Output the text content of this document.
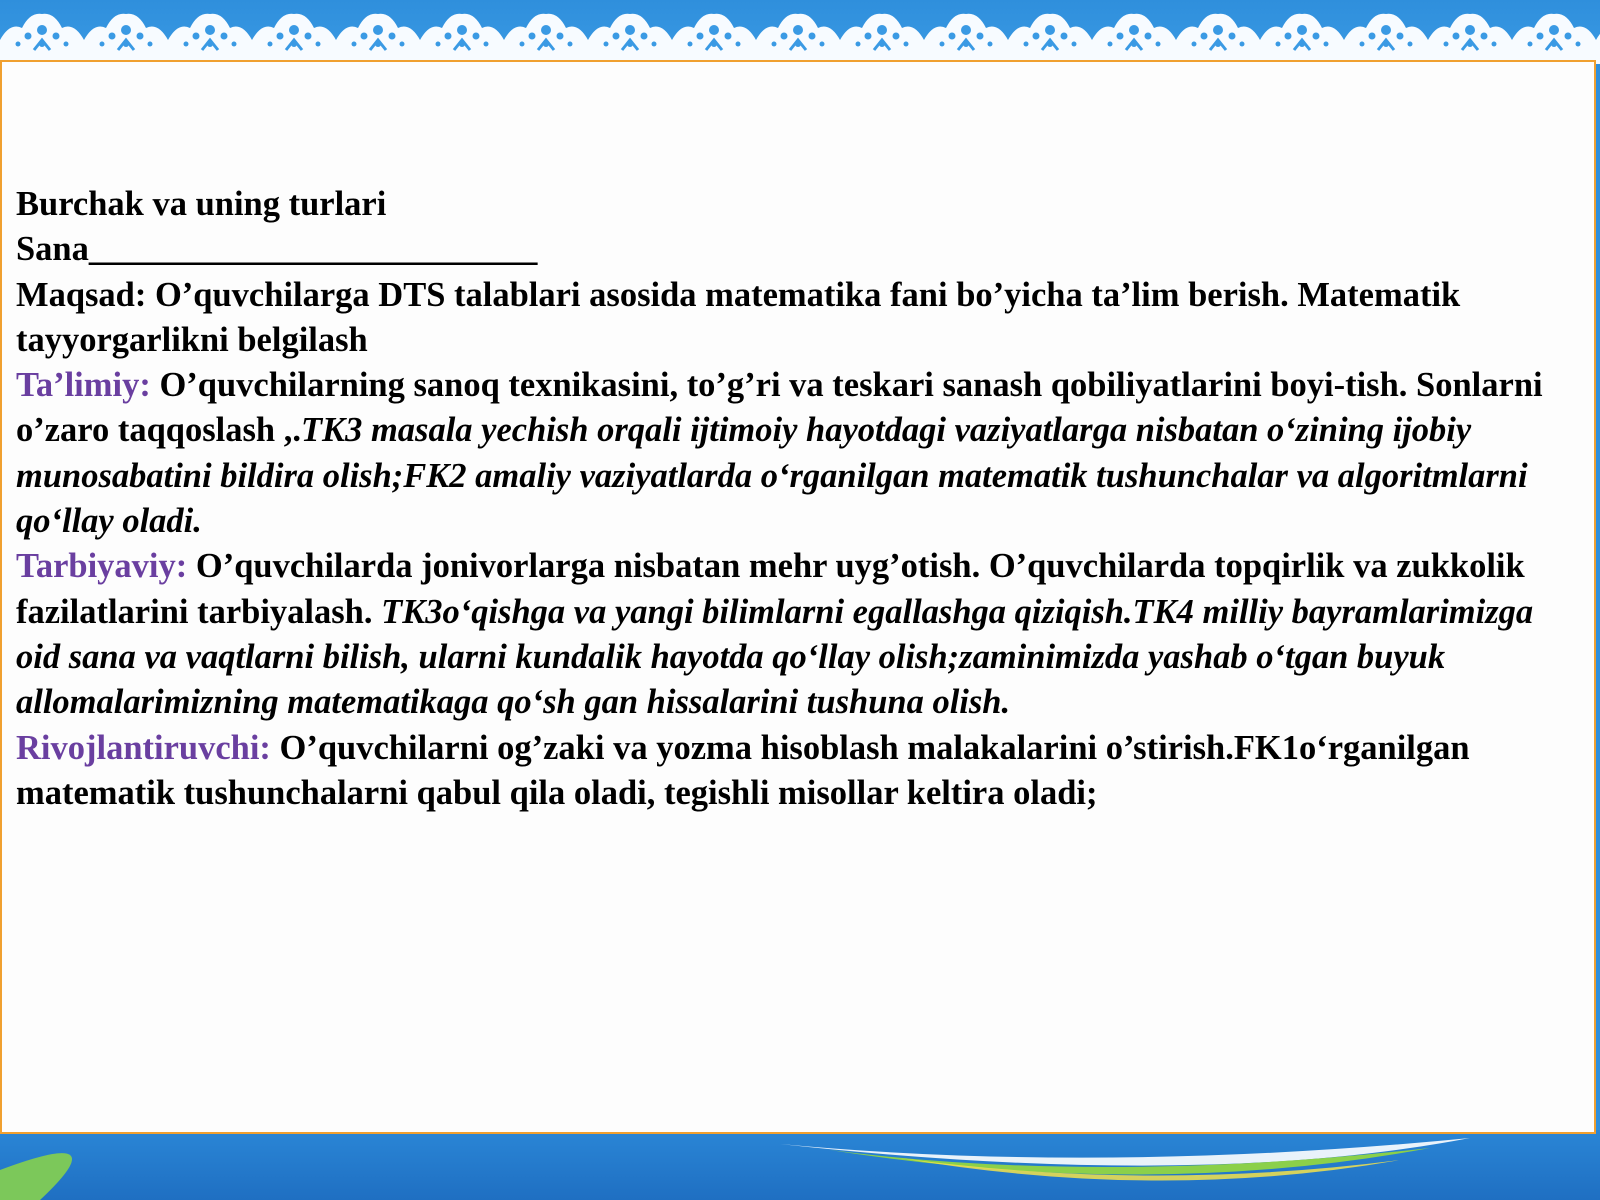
Burchak va uning turlari

Sana__________________________

Maqsad: O’quvchilarga DTS talablari asosida matematika fani bo’yicha ta’lim berish. Matematik tayyorgarlikni belgilash

Ta’limiy: O’quvchilarning sanoq texnikasini, to’g’ri va teskari sanash qobiliyatlarini boyi-tish. Sonlarni o’zaro taqqoslash ,.TK3 masala yechish orqali ijtimoiy hayotdagi vaziyatlarga nisbatan o‘zining ijobiy munosabatini bildira olish;FK2 amaliy vaziyatlarda o‘rganilgan matematik tushunchalar va algoritmlarni qo‘llay oladi.

Tarbiyaviy: O’quvchilarda jonivorlarga nisbatan mehr uyg’otish. O’quvchilarda topqirlik va zukkolik fazilatlarini tarbiyalash. TK3o‘qishga va yangi bilimlarni egallashga qiziqish.TK4 milliy bayramlarimizga oid sana va vaqtlarni bilish, ularni kundalik hayotda qo‘llay olish;zaminimizda yashab o‘tgan buyuk allomalarimizning matematikaga qo‘sh gan hissalarini tushuna olish.

Rivojlantiruvchi: O’quvchilarni og’zaki va yozma hisoblash malakalarini o’stirish.FK1o‘rganilgan matematik tushunchalarni qabul qila oladi, tegishli misollar keltira oladi;
